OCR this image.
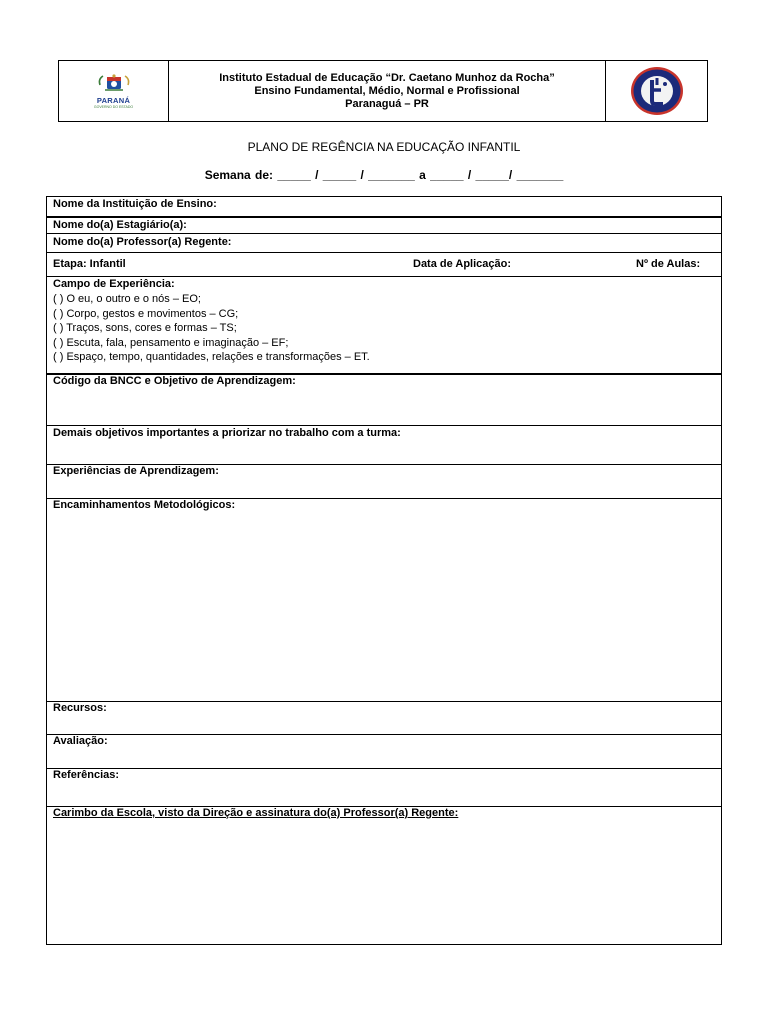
PARANÁ
GOVERNO DO ESTADO
Instituto Estadual de Educação “Dr. Caetano Munhoz da Rocha”
Ensino Fundamental, Médio, Normal e Profissional
Paranaguá – PR
PLANO DE REGÊNCIA NA EDUCAÇÃO INFANTIL
Semana de: _____ / _____ / _______ a _____ / _____/ _______
Nome da Instituição de Ensino:
Nome do(a) Estagiário(a):
Nome do(a) Professor(a) Regente:
Etapa: Infantil	Data de Aplicação:	Nº de Aulas:
Campo de Experiência:
( ) O eu, o outro e o nós – EO;
( ) Corpo, gestos e movimentos – CG;
( ) Traços, sons, cores e formas – TS;
( ) Escuta, fala, pensamento e imaginação – EF;
( ) Espaço, tempo, quantidades, relações e transformações – ET.
Código da BNCC e Objetivo de Aprendizagem:
Demais objetivos importantes a priorizar no trabalho com a turma:
Experiências de Aprendizagem:
Encaminhamentos Metodológicos:
Recursos:
Avaliação:
Referências:
Carimbo da Escola, visto da Direção e assinatura do(a) Professor(a) Regente:
